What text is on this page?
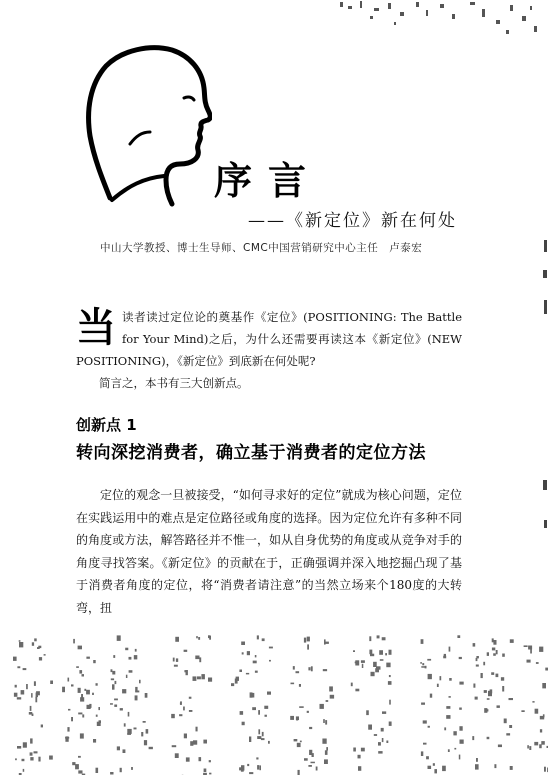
序言
——《新定位》新在何处
中山大学教授、博士生导师、CMC中国营销研究中心主任　卢泰宏
当 读者读过定位论的奠基作《定位》(POSITIONING: The Battle for Your Mind)之后，为什么还需要再读这本《新定位》(NEW POSITIONING)，《新定位》到底新在何处呢?

简言之，本书有三大创新点。

创新点 1
转向深挖消费者，确立基于消费者的定位方法
定位的观念一旦被接受，“如何寻求好的定位”就成为核心问题，定位在实践运用中的难点是定位路径或角度的选择。因为定位允许有多种不同的角度或方法，解答路径并不惟一，如从自身优势的角度或从竞争对手的角度寻找答案。《新定位》的贡献在于，正确强调并深入地挖掘凸现了基于消费者角度的定位，将“消费者请注意”的当然立场来个180度的大转弯，扭
